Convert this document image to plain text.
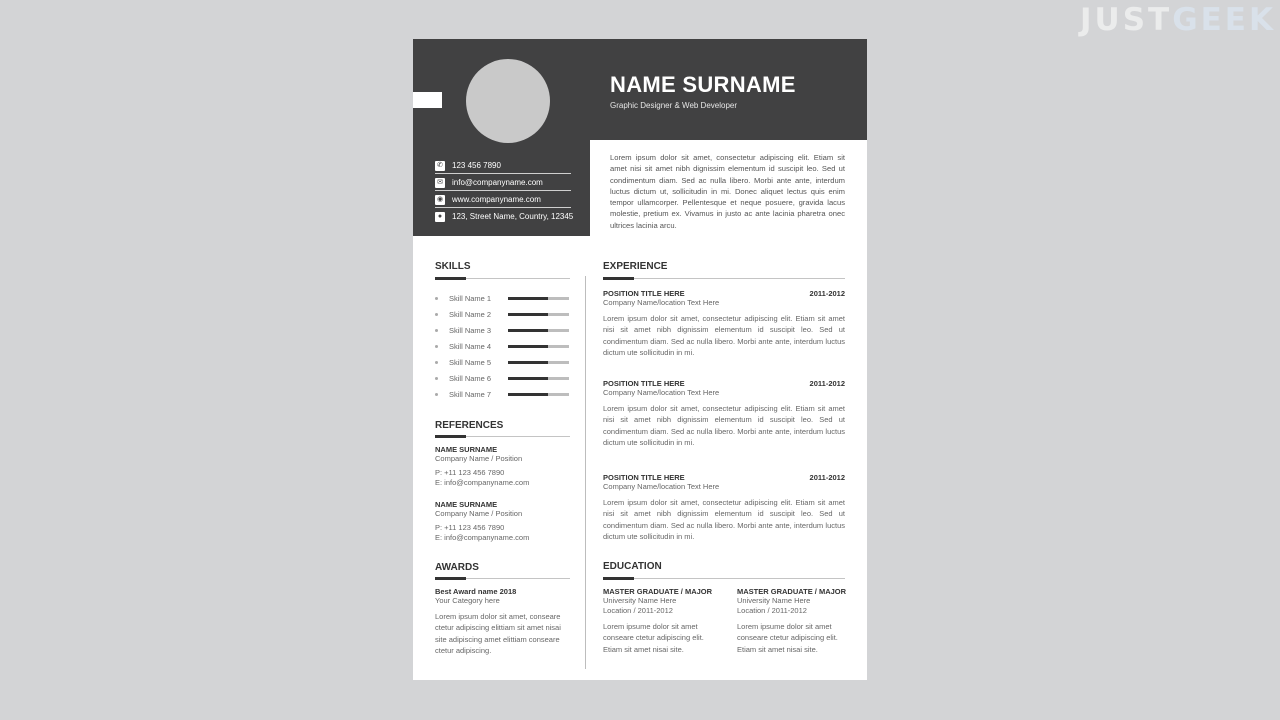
JUSTGEEK
NAME SURNAME
Graphic Designer & Web Developer
✆ 123 456 7890
✉ info@companyname.com
◉ www.companyname.com
●	123, Street Name, Country, 12345
Lorem ipsum dolor sit amet, consectetur adipiscing elit. Etiam sit amet nisi sit amet nibh dignissim elementum id suscipit leo. Sed ut condimentum diam. Sed ac nulla libero. Morbi ante ante, interdum luctus dictum ut, sollicitudin in mi. Donec aliquet lectus quis enim tempor ullamcorper. Pellentesque et neque posuere, gravida lacus molestie, pretium ex. Vivamus in justo ac ante lacinia pharetra onec ultrices lacinia arcu.
SKILLS
Skill Name 1
Skill Name 2
Skill Name 3
Skill Name 4
Skill Name 5
Skill Name 6
Skill Name 7
REFERENCES
NAME SURNAME
Company Name / Position
P: +11 123 456 7890
E: info@companyname.com
NAME SURNAME
Company Name / Position
P: +11 123 456 7890
E: info@companyname.com
AWARDS
Best Award name 2018
Your Category here
Lorem ipsum dolor sit amet, conseare ctetur adipiscing elittiam sit amet nisai site adipiscing amet elittiam conseare ctetur adipiscing.
EXPERIENCE
POSITION TITLE HERE	2011-2012
Company Name/location Text Here
Lorem ipsum dolor sit amet, consectetur adipiscing elit. Etiam sit amet nisi sit amet nibh dignissim elementum id suscipit leo. Sed ut condimentum diam. Sed ac nulla libero. Morbi ante ante, interdum luctus dictum ute sollicitudin in mi.
POSITION TITLE HERE	2011-2012
Company Name/location Text Here
Lorem ipsum dolor sit amet, consectetur adipiscing elit. Etiam sit amet nisi sit amet nibh dignissim elementum id suscipit leo. Sed ut condimentum diam. Sed ac nulla libero. Morbi ante ante, interdum luctus dictum ute sollicitudin in mi.
POSITION TITLE HERE	2011-2012
Company Name/location Text Here
Lorem ipsum dolor sit amet, consectetur adipiscing elit. Etiam sit amet nisi sit amet nibh dignissim elementum id suscipit leo. Sed ut condimentum diam. Sed ac nulla libero. Morbi ante ante, interdum luctus dictum ute sollicitudin in mi.
EDUCATION
MASTER GRADUATE / MAJOR
University Name Here
Location / 2011-2012
Lorem ipsume dolor sit amet conseare ctetur adipiscing elit. Etiam sit amet nisai site.
MASTER GRADUATE / MAJOR
University Name Here
Location / 2011-2012
Lorem ipsume dolor sit amet conseare ctetur adipiscing elit. Etiam sit amet nisai site.
